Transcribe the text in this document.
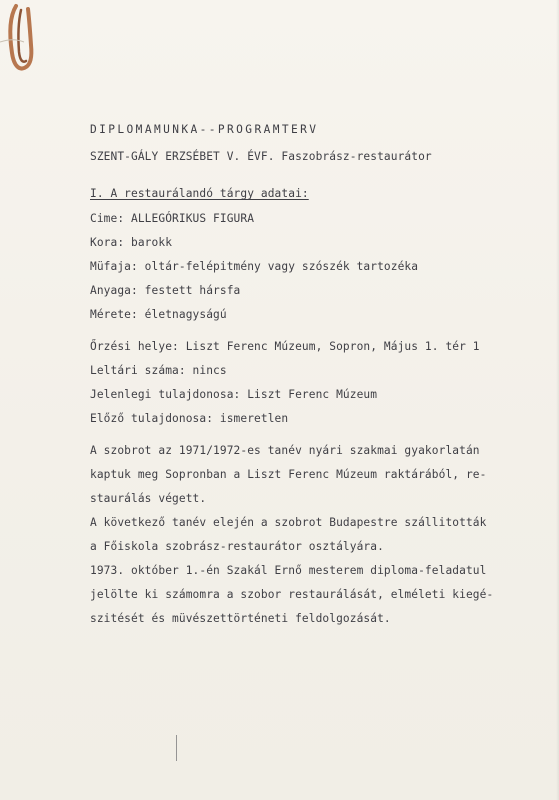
DIPLOMAMUNKA--PROGRAMTERV
SZENT-GÁLY ERZSÉBET V. ÉVF. Faszobrász-restaurátor
I. A restaurálandó tárgy adatai:
Cime: ALLEGÓRIKUS FIGURA
Kora: barokk
Müfaja: oltár-felépitmény vagy szószék tartozéka
Anyaga: festett hársfa
Mérete: életnagyságú
Őrzési helye: Liszt Ferenc Múzeum, Sopron, Május 1. tér 1
Leltári száma: nincs
Jelenlegi tulajdonosa: Liszt Ferenc Múzeum
Előző tulajdonosa: ismeretlen
A szobrot az 1971/1972-es tanév nyári szakmai gyakorlatán
kaptuk meg Sopronban a Liszt Ferenc Múzeum raktárából, re-
staurálás végett.
A következő tanév elején a szobrot Budapestre szállitották
a Főiskola szobrász-restaurátor osztályára.
1973. október 1.-én Szakál Ernő mesterem diploma-feladatul
jelölte ki számomra a szobor restaurálását, elméleti kiegé-
szitését és müvészettörténeti feldolgozását.
